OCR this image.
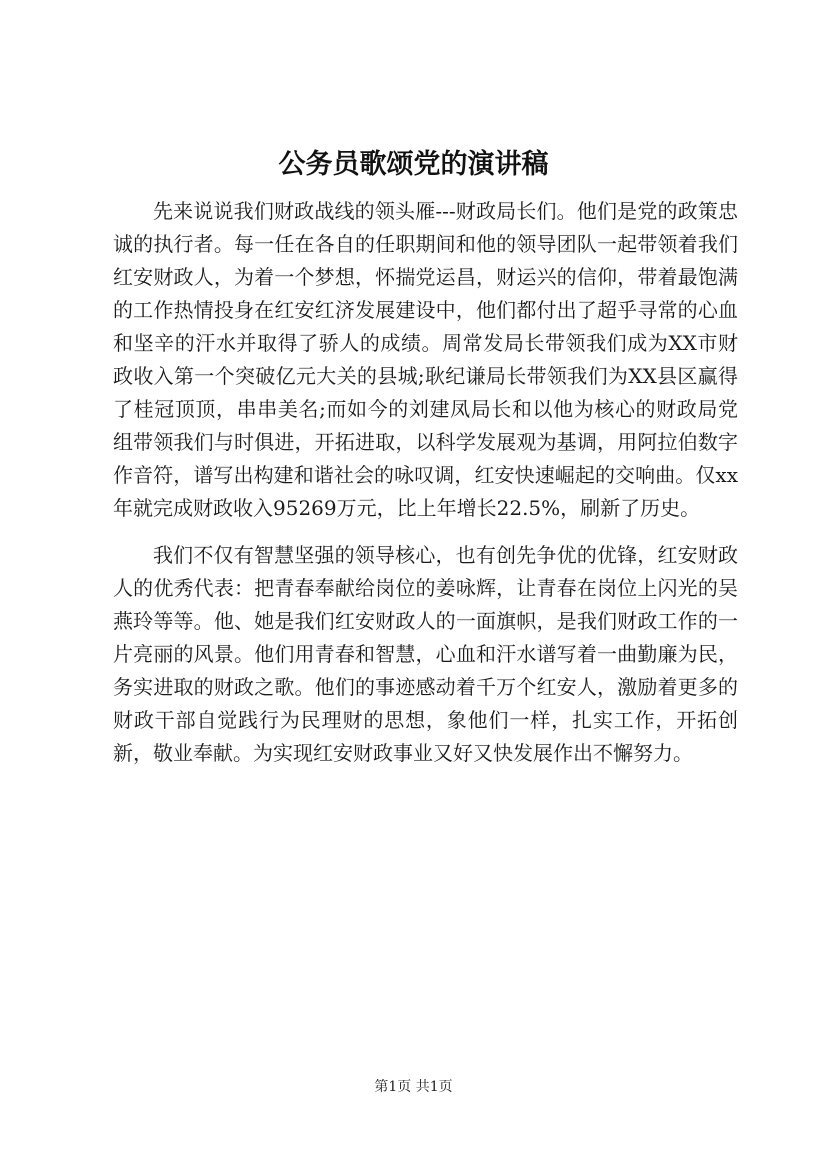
公务员歌颂党的演讲稿

先来说说我们财政战线的领头雁---财政局长们。他们是党的政策忠诚的执行者。每一任在各自的任职期间和他的领导团队一起带领着我们红安财政人，为着一个梦想，怀揣党运昌，财运兴的信仰，带着最饱满的工作热情投身在红安红济发展建设中，他们都付出了超乎寻常的心血和坚辛的汗水并取得了骄人的成绩。周常发局长带领我们成为XX市财政收入第一个突破亿元大关的县城;耿纪谦局长带领我们为XX县区赢得了桂冠顶顶，串串美名;而如今的刘建凤局长和以他为核心的财政局党组带领我们与时俱进，开拓进取，以科学发展观为基调，用阿拉伯数字作音符，谱写出构建和谐社会的咏叹调，红安快速崛起的交响曲。仅xx年就完成财政收入95269万元，比上年增长22.5%，刷新了历史。

我们不仅有智慧坚强的领导核心，也有创先争优的优锋，红安财政人的优秀代表：把青春奉献给岗位的姜咏辉，让青春在岗位上闪光的吴燕玲等等。他、她是我们红安财政人的一面旗帜，是我们财政工作的一片亮丽的风景。他们用青春和智慧，心血和汗水谱写着一曲勤廉为民，务实进取的财政之歌。他们的事迹感动着千万个红安人，激励着更多的财政干部自觉践行为民理财的思想，象他们一样，扎实工作，开拓创新，敬业奉献。为实现红安财政事业又好又快发展作出不懈努力。

第1页 共1页
